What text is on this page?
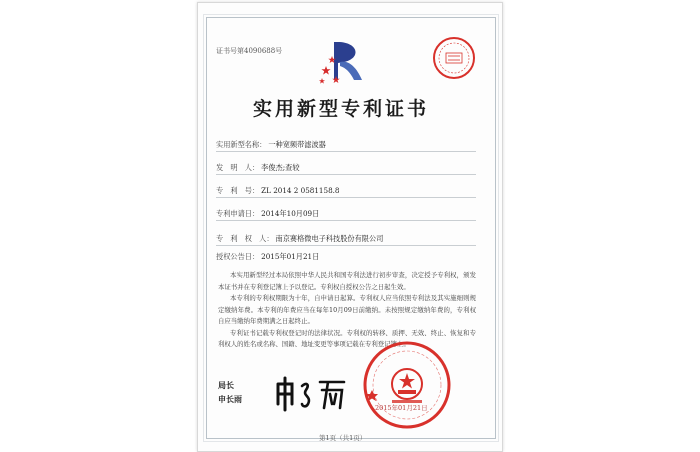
证书号第4090688号
实用新型专利证书
实用新型名称： 一种宽频带滤波器
发　明　人： 李俊杰;查较
专　利　号： ZL 2014 2 0581158.8
专利申请日： 2014年10月09日
专　利　权　人： 南京赛格微电子科技股份有限公司
授权公告日： 2015年01月21日

本实用新型经过本局依照中华人民共和国专利法进行初步审查，决定授予专利权，颁发本证书并在专利登记簿上予以登记。专利权自授权公告之日起生效。

本专利的专利权期限为十年，自申请日起算。专利权人应当依照专利法及其实施细则规定缴纳年费。本专利的年费应当在每年10月09日前缴纳。未按照规定缴纳年费的，专利权自应当缴纳年费期满之日起终止。

专利证书记载专利权登记时的法律状况。专利权的转移、质押、无效、终止、恢复和专利权人的姓名或名称、国籍、地址变更等事项记载在专利登记簿上。

局长
申长雨
2015年01月21日
第1页（共1页）
